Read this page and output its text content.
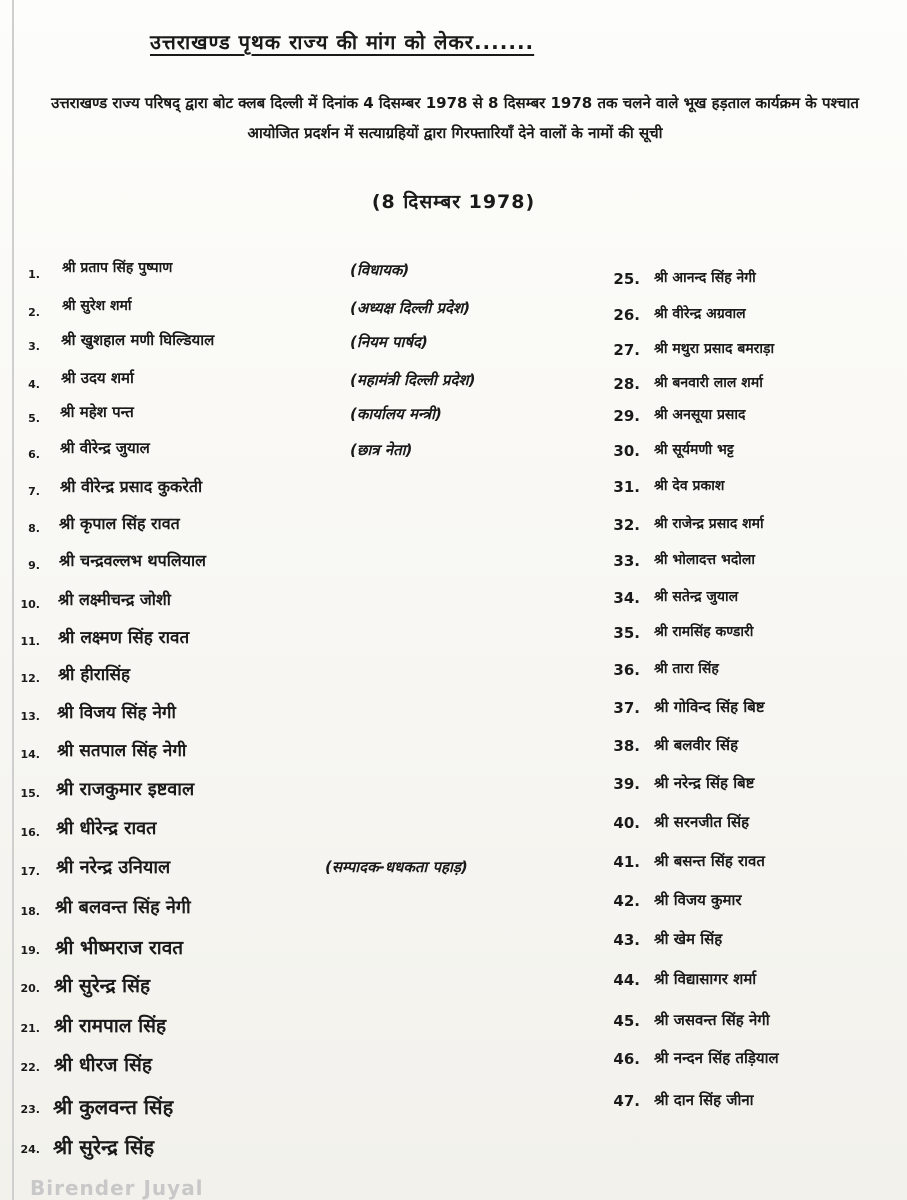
उत्तराखण्ड पृथक राज्य की मांग को लेकर.......
उत्तराखण्ड राज्य परिषद् द्वारा बोट क्लब दिल्ली में दिनांक 4 दिसम्बर 1978 से 8 दिसम्बर 1978 तक चलने वाले भूख हड़ताल कार्यक्रम के पश्चात आयोजित प्रदर्शन में सत्याग्रहियों द्वारा गिरफ्तारियाँ देने वालों के नामों की सूची
(8 दिसम्बर 1978)
1. श्री प्रताप सिंह पुष्पाण	(विधायक)
2. श्री सुरेश शर्मा	(अध्यक्ष दिल्ली प्रदेश)
3. श्री खुशहाल मणी घिल्डियाल	(नियम पार्षद)
4. श्री उदय शर्मा	(महामंत्री दिल्ली प्रदेश)
5. श्री महेश पन्त	(कार्यालय मन्त्री)
6. श्री वीरेन्द्र जुयाल	(छात्र नेता)
7. श्री वीरेन्द्र प्रसाद कुकरेती
8. श्री कृपाल सिंह रावत
9. श्री चन्द्रवल्लभ थपलियाल
10. श्री लक्ष्मीचन्द्र जोशी
11. श्री लक्ष्मण सिंह रावत
12. श्री हीरासिंह
13. श्री विजय सिंह नेगी
14. श्री सतपाल सिंह नेगी
15. श्री राजकुमार इष्टवाल
16. श्री धीरेन्द्र रावत
17. श्री नरेन्द्र उनियाल	(सम्पादक-धधकता पहाड़)
18. श्री बलवन्त सिंह नेगी
19. श्री भीष्मराज रावत
20. श्री सुरेन्द्र सिंह
21. श्री रामपाल सिंह
22. श्री धीरज सिंह
23. श्री कुलवन्त सिंह
24. श्री सुरेन्द्र सिंह
25. श्री आनन्द सिंह नेगी
26. श्री वीरेन्द्र अग्रवाल
27. श्री मथुरा प्रसाद बमराड़ा
28. श्री बनवारी लाल शर्मा
29. श्री अनसूया प्रसाद
30. श्री सूर्यमणी भट्ट
31. श्री देव प्रकाश
32. श्री राजेन्द्र प्रसाद शर्मा
33. श्री भोलादत्त भदोला
34. श्री सतेन्द्र जुयाल
35. श्री रामसिंह कण्डारी
36. श्री तारा सिंह
37. श्री गोविन्द सिंह बिष्ट
38. श्री बलवीर सिंह
39. श्री नरेन्द्र सिंह बिष्ट
40. श्री सरनजीत सिंह
41. श्री बसन्त सिंह रावत
42. श्री विजय कुमार
43. श्री खेम सिंह
44. श्री विद्यासागर शर्मा
45. श्री जसवन्त सिंह नेगी
46. श्री नन्दन सिंह तड़ियाल
47. श्री दान सिंह जीना
Birender Juyal
